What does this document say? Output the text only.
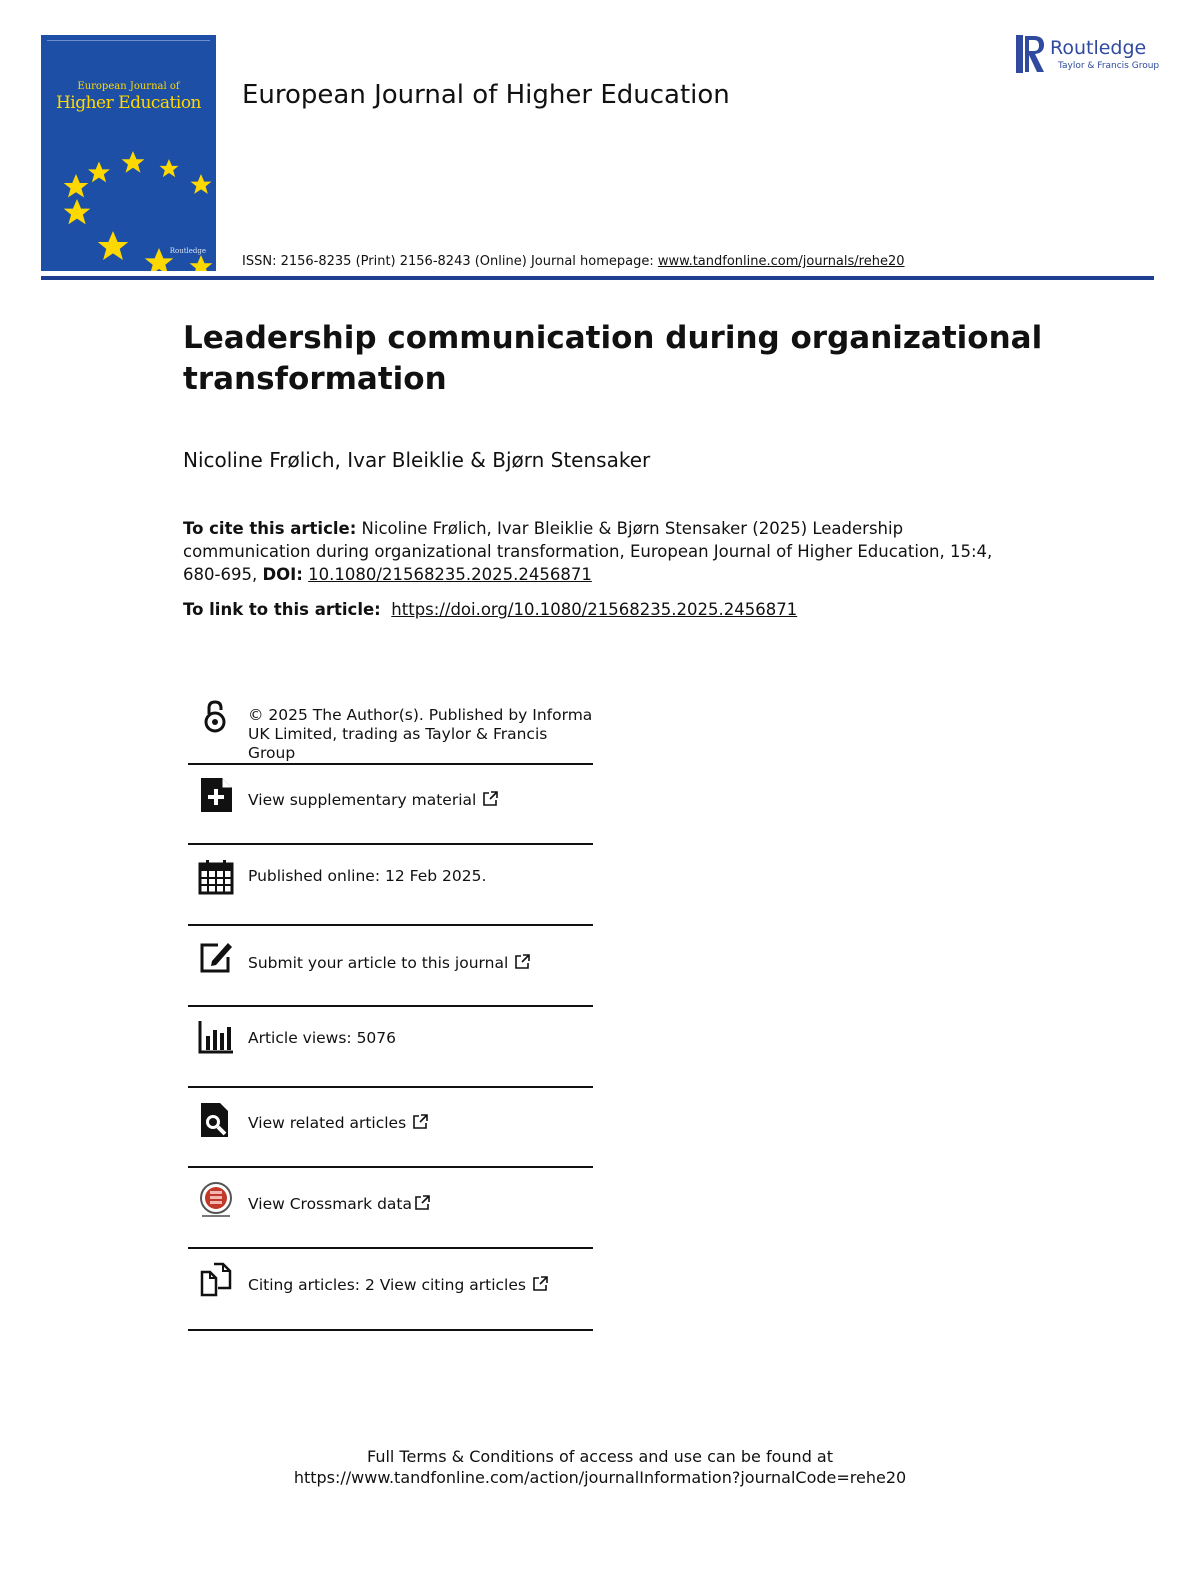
European Journal of
Higher Education
Routledge
European Journal of Higher Education
Routledge
Taylor & Francis Group
ISSN: 2156-8235 (Print) 2156-8243 (Online) Journal homepage: www.tandfonline.com/journals/rehe20
Leadership communication during organizational transformation
Nicoline Frølich, Ivar Bleiklie & Bjørn Stensaker
To cite this article: Nicoline Frølich, Ivar Bleiklie & Bjørn Stensaker (2025) Leadership communication during organizational transformation, European Journal of Higher Education, 15:4, 680-695, DOI: 10.1080/21568235.2025.2456871
To link to this article: https://doi.org/10.1080/21568235.2025.2456871
© 2025 The Author(s). Published by Informa UK Limited, trading as Taylor & Francis Group
View supplementary material
Published online: 12 Feb 2025.
Submit your article to this journal
Article views: 5076
View related articles
View Crossmark data
Citing articles: 2 View citing articles
Full Terms & Conditions of access and use can be found at
https://www.tandfonline.com/action/journalInformation?journalCode=rehe20
